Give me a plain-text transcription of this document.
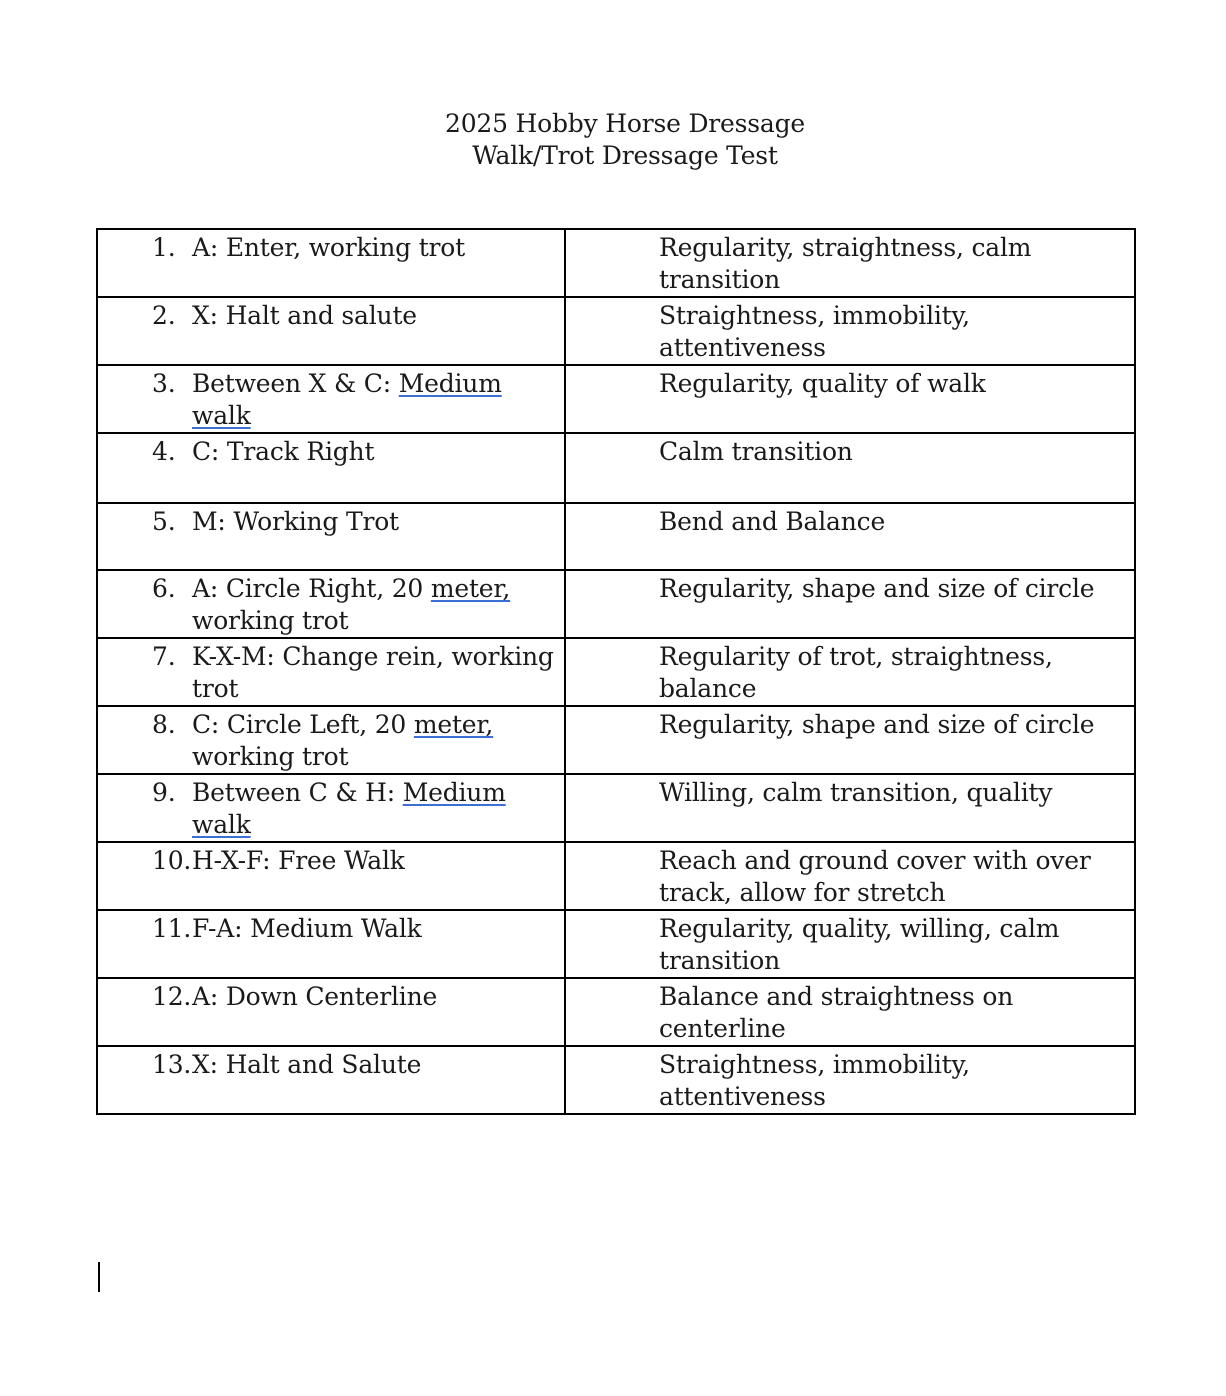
2025 Hobby Horse Dressage
Walk/Trot Dressage Test
1. A: Enter, working trot	Regularity, straightness, calm transition

2. X: Halt and salute	Straightness, immobility, attentiveness

3. Between X & C: Medium walk	Regularity, quality of walk

4. C: Track Right	Calm transition

5. M: Working Trot	Bend and Balance

6. A: Circle Right, 20 meter, working trot	Regularity, shape and size of circle

7. K-X-M: Change rein, working trot	Regularity of trot, straightness, balance

8. C: Circle Left, 20 meter, working trot	Regularity, shape and size of circle

9. Between C & H: Medium walk	Willing, calm transition, quality

10. H-X-F: Free Walk	Reach and ground cover with over track, allow for stretch

11. F-A: Medium Walk	Regularity, quality, willing, calm transition

12. A: Down Centerline	Balance and straightness on centerline

13. X: Halt and Salute	Straightness, immobility, attentiveness
